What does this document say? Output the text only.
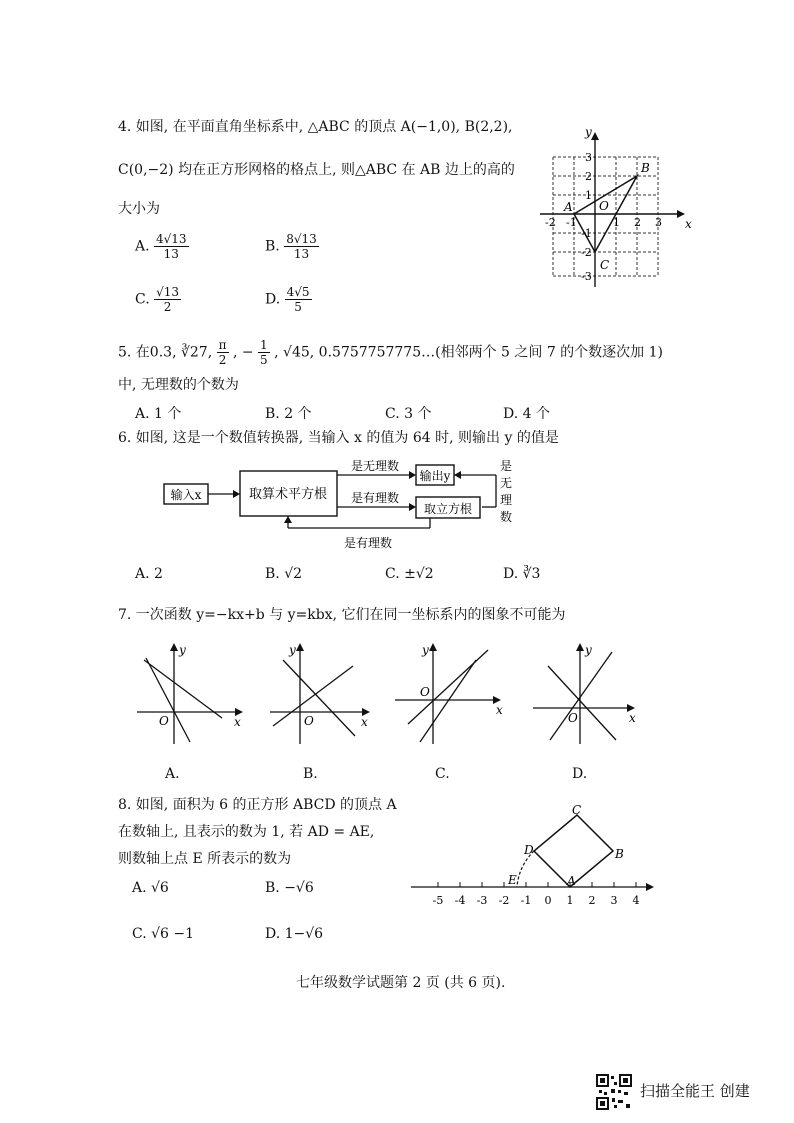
4. 如图, 在平面直角坐标系中, △ABC 的顶点 A(−1,0), B(2,2),
C(0,−2) 均在正方形网格的格点上, 则△ABC 在 AB 边上的高的
大小为
A. $\frac{4√13}{13}$	B. $\frac{8√13}{13}$
C. $\frac{√13}{2}$	D. $\frac{4√5}{5}$
y
x
O
A
B
C
-2 -1	1 2 3
3
2
1
-1
-2
-3
5. 在0.3, ∛27, $\frac{\pi}{2}$ , − $\frac{1}{5}$ , √45, 0.5757757775…(相邻两个 5 之间 7 的个数逐次加 1)
中, 无理数的个数为
A. 1 个	B. 2 个	C. 3 个	D. 4 个
6. 如图, 这是一个数值转换器, 当输入 x 的值为 64 时, 则输出 y 的值是
输入x	取算术平方根
输出y
取立方根
是无理数
是有理数
是有理数
是
无
理
数
A. 2	B. √2	C. ±√2	D. ∛3
7. 一次函数 y=−kx+b 与 y=kbx, 它们在同一坐标系内的图象不可能为
y
x
O
y
x
O
y
x
O
y
x
O
A.	B.	C.	D.
8. 如图, 面积为 6 的正方形 ABCD 的顶点 A
在数轴上, 且表示的数为 1, 若 AD = AE,
则数轴上点 E 所表示的数为
A. √6	B. −√6
C. √6 −1	D. 1−√6
C
B
D
A
E
-5 -4 -3 -2 -1 0 1 2 3 4
七年级数学试题第 2 页 (共 6 页).
扫描全能王 创建
